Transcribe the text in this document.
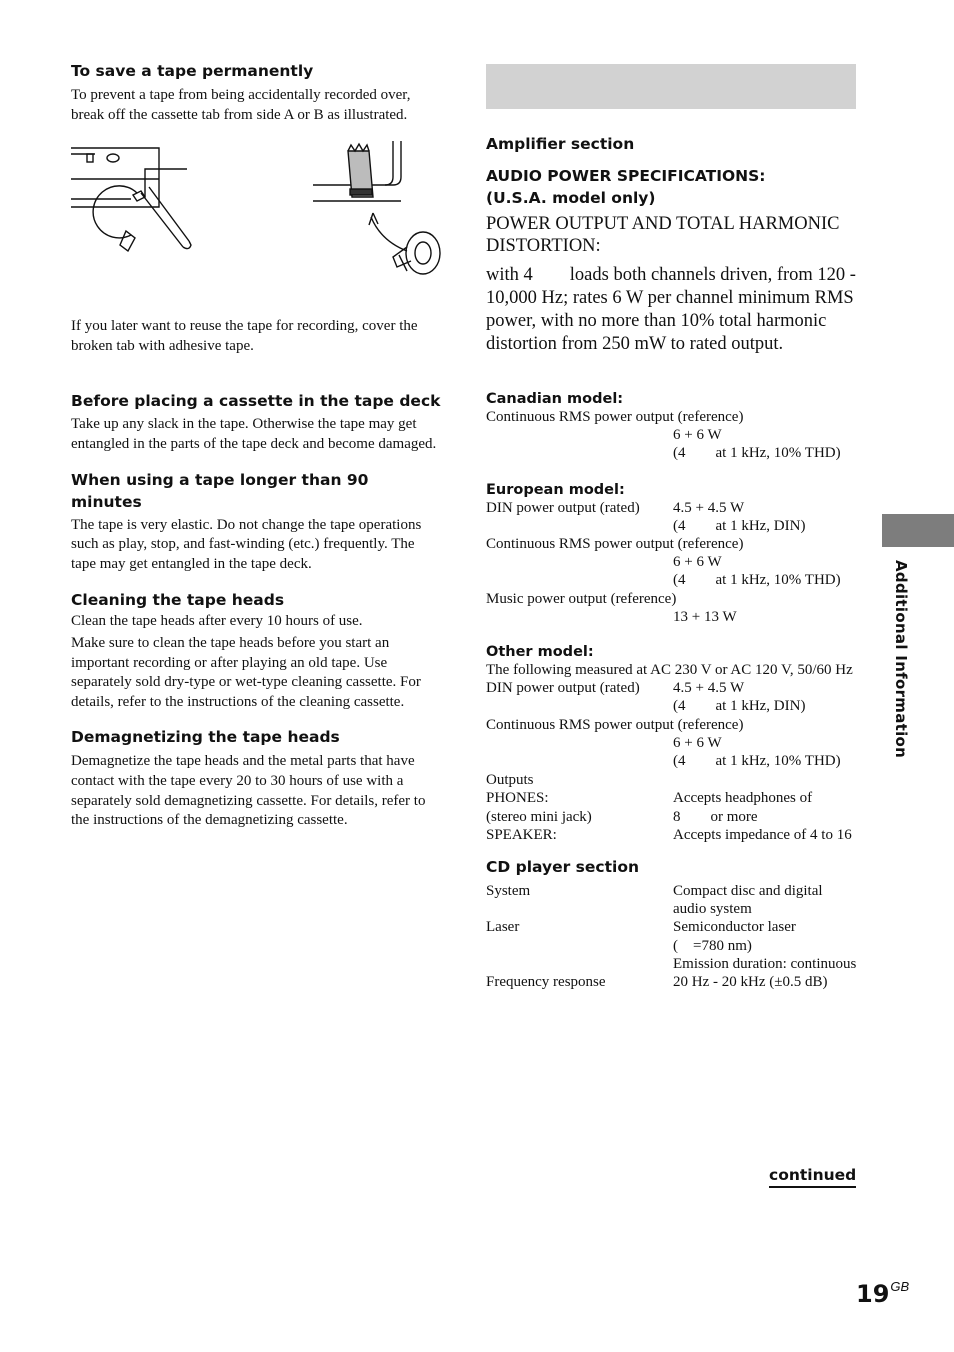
To save a tape permanently

To prevent a tape from being accidentally recorded over, break off the cassette tab from side A or B as illustrated.

If you later want to reuse the tape for recording, cover the broken tab with adhesive tape.

Before placing a cassette in the tape deck

Take up any slack in the tape. Otherwise the tape may get entangled in the parts of the tape deck and become damaged.

When using a tape longer than 90 minutes

The tape is very elastic. Do not change the tape operations such as play, stop, and fast-winding (etc.) frequently. The tape may get entangled in the tape deck.

Cleaning the tape heads

Clean the tape heads after every 10 hours of use.

Make sure to clean the tape heads before you start an important recording or after playing an old tape. Use separately sold dry-type or wet-type cleaning cassette. For details, refer to the instructions of the cleaning cassette.

Demagnetizing the tape heads

Demagnetize the tape heads and the metal parts that have contact with the tape every 20 to 30 hours of use with a separately sold demagnetizing cassette. For details, refer to the instructions of the demagnetizing cassette.

Amplifier section
AUDIO POWER SPECIFICATIONS:
(U.S.A. model only)

POWER OUTPUT AND TOTAL HARMONIC DISTORTION:

with 4  loads both channels driven, from 120 - 10,000 Hz; rates 6 W per channel minimum RMS power, with no more than 10% total harmonic distortion from 250 mW to rated output.

Canadian model:

Continuous RMS power output (reference)

6 + 6 W

(4  at 1 kHz, 10% THD)

European model:
DIN power output (rated)	4.5 + 4.5 W

(4  at 1 kHz, DIN)

Continuous RMS power output (reference)

6 + 6 W

(4  at 1 kHz, 10% THD)

Music power output (reference)

13 + 13 W

Other model:

The following measured at AC 230 V or AC 120 V, 50/60 Hz

DIN power output (rated)	4.5 + 4.5 W

(4  at 1 kHz, DIN)

Continuous RMS power output (reference)

6 + 6 W

(4  at 1 kHz, 10% THD)

Outputs

PHONES:	Accepts headphones of
(stereo mini jack)	8  or more
SPEAKER:	Accepts impedance of 4 to 16
CD player section
System	Compact disc and digital audio system
Laser	Semiconductor laser
( =780 nm)
Emission duration: continuous
Frequency response	20 Hz - 20 kHz (±0.5 dB)
Additional Information
continued
$19^{GB}$
